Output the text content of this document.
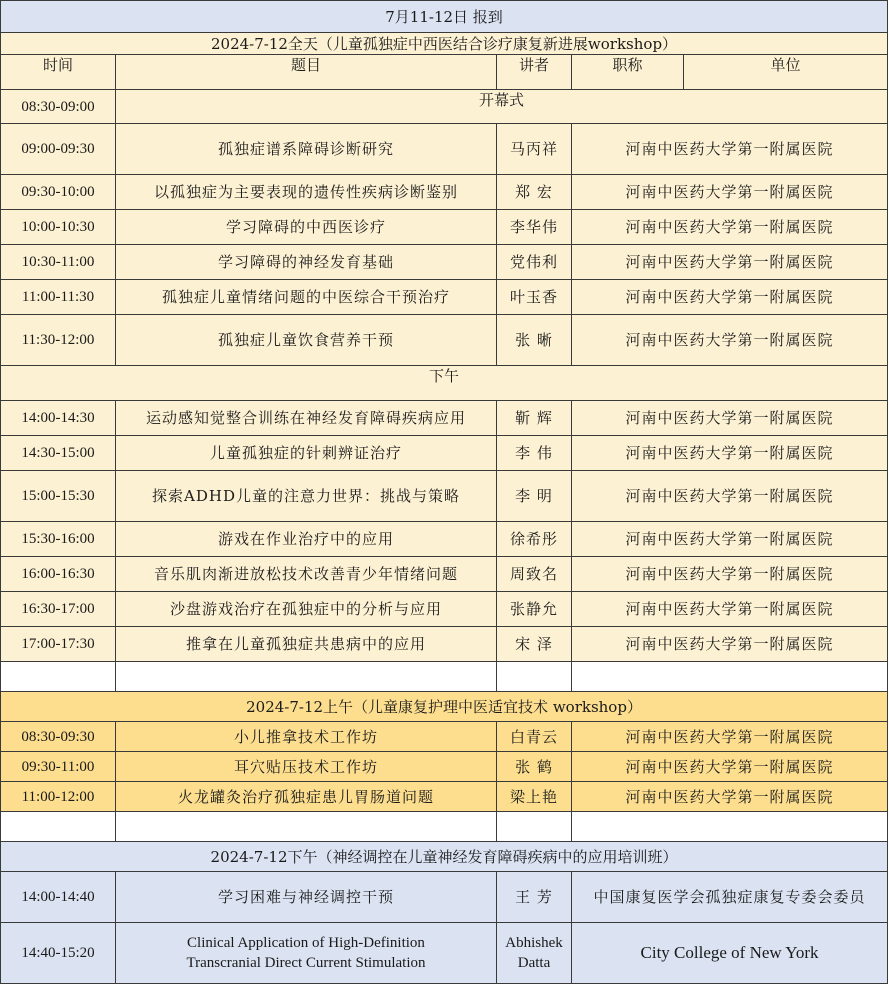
7月11-12日 报到				
2024-7-12全天（儿童孤独症中西医结合诊疗康复新进展workshop）				
时间	题目	讲者	职称	单位
08:30-09:00	开幕式			
09:00-09:30	孤独症谱系障碍诊断研究	马丙祥	河南中医药大学第一附属医院	
09:30-10:00	以孤独症为主要表现的遗传性疾病诊断鉴别	郑 宏	河南中医药大学第一附属医院	
10:00-10:30	学习障碍的中西医诊疗	李华伟	河南中医药大学第一附属医院	
10:30-11:00	学习障碍的神经发育基础	党伟利	河南中医药大学第一附属医院	
11:00-11:30	孤独症儿童情绪问题的中医综合干预治疗	叶玉香	河南中医药大学第一附属医院	
11:30-12:00	孤独症儿童饮食营养干预	张 晰	河南中医药大学第一附属医院	
下午				
14:00-14:30	运动感知觉整合训练在神经发育障碍疾病应用	靳 辉	河南中医药大学第一附属医院	
14:30-15:00	儿童孤独症的针刺辨证治疗	李 伟	河南中医药大学第一附属医院	
15:00-15:30	探索ADHD儿童的注意力世界：挑战与策略	李 明	河南中医药大学第一附属医院	
15:30-16:00	游戏在作业治疗中的应用	徐希彤	河南中医药大学第一附属医院	
16:00-16:30	音乐肌肉渐进放松技术改善青少年情绪问题	周致名	河南中医药大学第一附属医院	
16:30-17:00	沙盘游戏治疗在孤独症中的分析与应用	张静允	河南中医药大学第一附属医院	
17:00-17:30	推拿在儿童孤独症共患病中的应用	宋 泽	河南中医药大学第一附属医院	

2024-7-12上午（儿童康复护理中医适宜技术 workshop）				
08:30-09:30	小儿推拿技术工作坊	白青云	河南中医药大学第一附属医院	
09:30-11:00	耳穴贴压技术工作坊	张 鹤	河南中医药大学第一附属医院	
11:00-12:00	火龙罐灸治疗孤独症患儿胃肠道问题	梁上艳	河南中医药大学第一附属医院	

2024-7-12下午（神经调控在儿童神经发育障碍疾病中的应用培训班）				
14:00-14:40	学习困难与神经调控干预	王 芳	中国康复医学会孤独症康复专委会委员	
14:40-15:20	Clinical Application of High-Definition Transcranial Direct Current Stimulation	Abhishek Datta	City College of New York	
